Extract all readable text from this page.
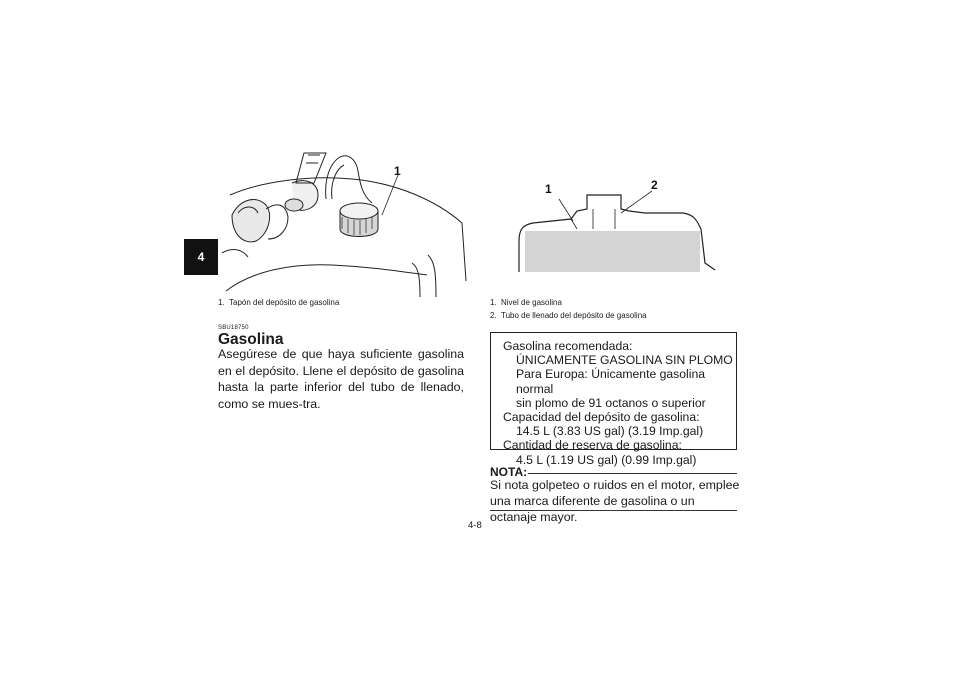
4
1
1. Tapón del depósito de gasolina
1	2
1. Nivel de gasolina
2. Tubo de llenado del depósito de gasolina
SBU18750
Gasolina
Asegúrese de que haya suficiente gasolina en el depósito. Llene el depósito de gasolina hasta la parte inferior del tubo de llenado, como se mues-tra.
Gasolina recomendada:
ÚNICAMENTE GASOLINA SIN PLOMO
Para Europa: Únicamente gasolina normal
sin plomo de 91 octanos o superior
Capacidad del depósito de gasolina:
14.5 L (3.83 US gal) (3.19 Imp.gal)
Cantidad de reserva de gasolina:
4.5 L (1.19 US gal) (0.99 Imp.gal)
NOTA:
Si nota golpeteo o ruidos en el motor, emplee una marca diferente de gasolina o un octanaje mayor.
4-8
